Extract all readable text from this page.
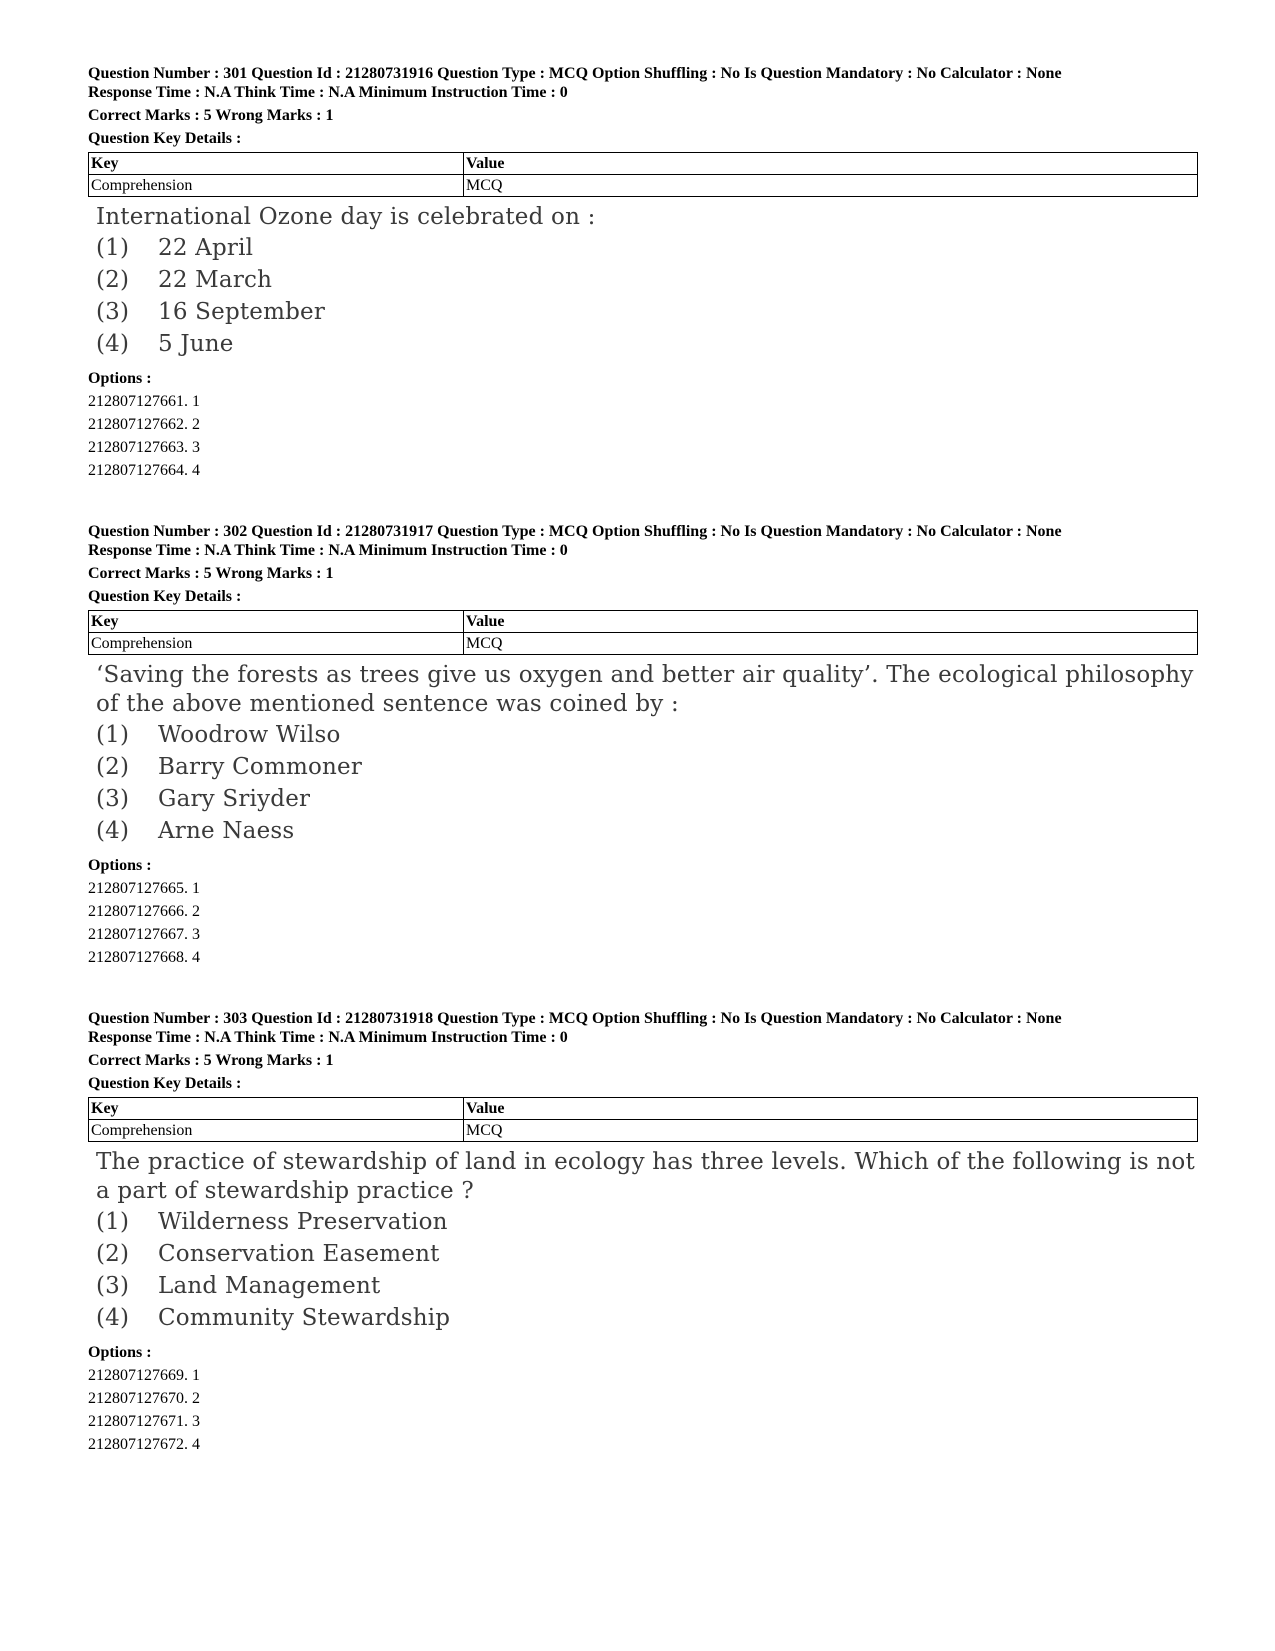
Question Number : 301 Question Id : 21280731916 Question Type : MCQ Option Shuffling : No Is Question Mandatory : No Calculator : None
Response Time : N.A Think Time : N.A Minimum Instruction Time : 0
Correct Marks : 5 Wrong Marks : 1
Question Key Details :
Key	Value
Comprehension	MCQ
International Ozone day is celebrated on :
(1)	22 April
(2)	22 March
(3)	16 September
(4)	5 June
Options :
212807127661. 1
212807127662. 2
212807127663. 3
212807127664. 4
Question Number : 302 Question Id : 21280731917 Question Type : MCQ Option Shuffling : No Is Question Mandatory : No Calculator : None
Response Time : N.A Think Time : N.A Minimum Instruction Time : 0
Correct Marks : 5 Wrong Marks : 1
Question Key Details :
Key	Value
Comprehension	MCQ
‘Saving the forests as trees give us oxygen and better air quality’. The ecological philosophy of the above mentioned sentence was coined by :
(1)	Woodrow Wilso
(2)	Barry Commoner
(3)	Gary Sriyder
(4)	Arne Naess
Options :
212807127665. 1
212807127666. 2
212807127667. 3
212807127668. 4
Question Number : 303 Question Id : 21280731918 Question Type : MCQ Option Shuffling : No Is Question Mandatory : No Calculator : None
Response Time : N.A Think Time : N.A Minimum Instruction Time : 0
Correct Marks : 5 Wrong Marks : 1
Question Key Details :
Key	Value
Comprehension	MCQ
The practice of stewardship of land in ecology has three levels. Which of the following is not a part of stewardship practice ?
(1)	Wilderness Preservation
(2)	Conservation Easement
(3)	Land Management
(4)	Community Stewardship
Options :
212807127669. 1
212807127670. 2
212807127671. 3
212807127672. 4
